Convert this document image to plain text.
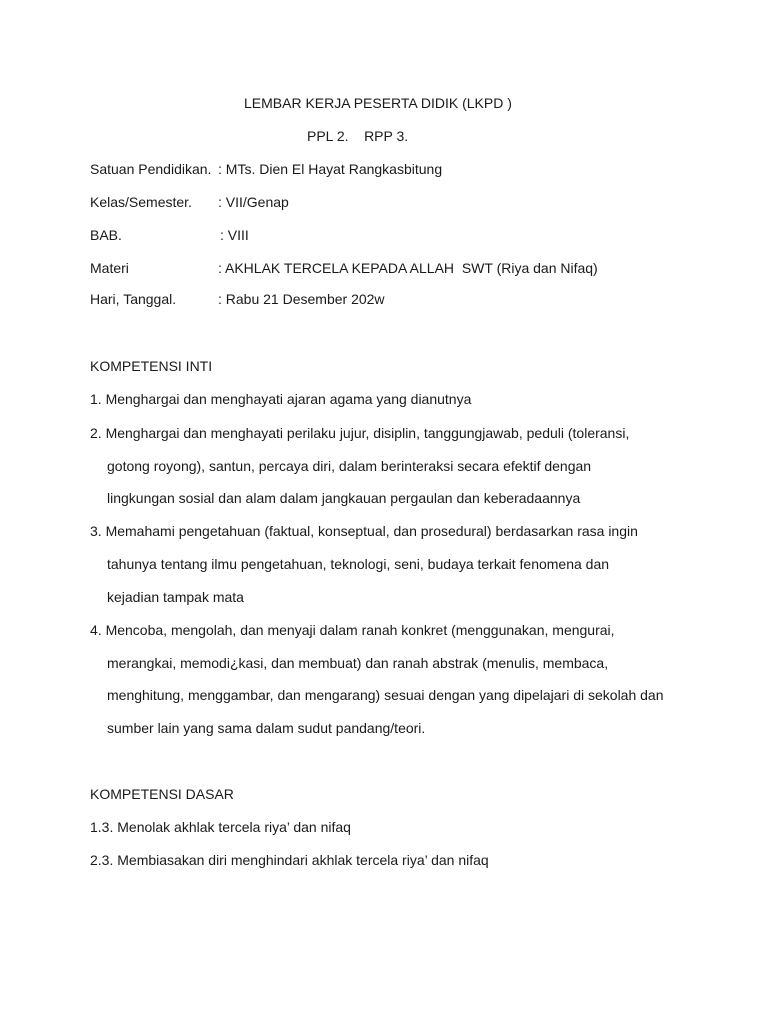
LEMBAR KERJA PESERTA DIDIK (LKPD )
PPL 2.    RPP 3.
Satuan Pendidikan. : MTs. Dien El Hayat Rangkasbitung
Kelas/Semester. : VII/Genap
BAB.	: VIII
Materi	: AKHLAK TERCELA KEPADA ALLAH  SWT (Riya dan Nifaq)
Hari, Tanggal.	: Rabu 21 Desember 202w
KOMPETENSI INTI
1. Menghargai dan menghayati ajaran agama yang dianutnya
2. Menghargai dan menghayati perilaku jujur, disiplin, tanggungjawab, peduli (toleransi,
gotong royong), santun, percaya diri, dalam berinteraksi secara efektif dengan
lingkungan sosial dan alam dalam jangkauan pergaulan dan keberadaannya
3. Memahami pengetahuan (faktual, konseptual, dan prosedural) berdasarkan rasa ingin
tahunya tentang ilmu pengetahuan, teknologi, seni, budaya terkait fenomena dan
kejadian tampak mata
4. Mencoba, mengolah, dan menyaji dalam ranah konkret (menggunakan, mengurai,
merangkai, memodi¿kasi, dan membuat) dan ranah abstrak (menulis, membaca,
menghitung, menggambar, dan mengarang) sesuai dengan yang dipelajari di sekolah dan
sumber lain yang sama dalam sudut pandang/teori.
KOMPETENSI DASAR
1.3. Menolak akhlak tercela riya’ dan nifaq
2.3. Membiasakan diri menghindari akhlak tercela riya’ dan nifaq
